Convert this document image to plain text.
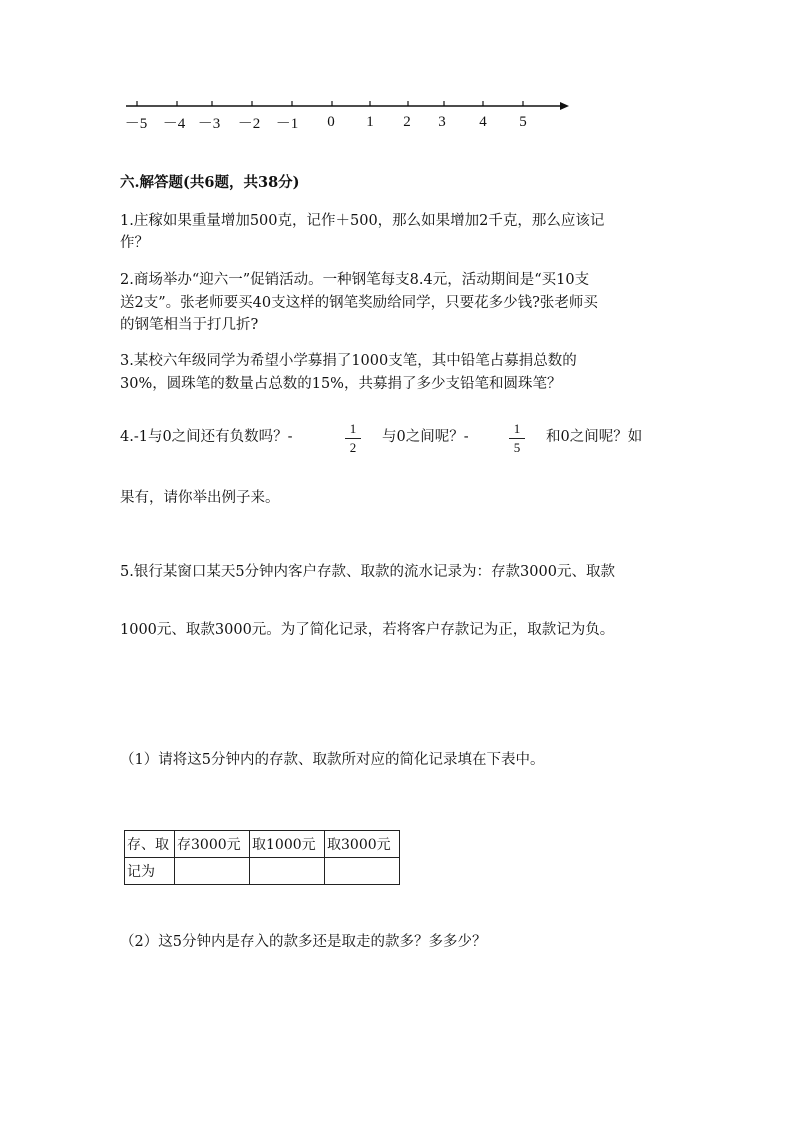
－5 －4 －3 －2 －1 0 1 2 3 4 5
六.解答题(共6题，共38分)
1.庄稼如果重量增加500克，记作＋500，那么如果增加2千克，那么应该记
作？
2.商场举办“迎六一”促销活动。一种钢笔每支8.4元，活动期间是“买10支
送2支”。张老师要买40支这样的钢笔奖励给同学，只要花多少钱?张老师买
的钢笔相当于打几折?
3.某校六年级同学为希望小学募捐了1000支笔，其中铅笔占募捐总数的
30%，圆珠笔的数量占总数的15%，共募捐了多少支铅笔和圆珠笔？
4.-1与0之间还有负数吗？-
1
2
与0之间呢？-
1
5
和0之间呢？如
果有，请你举出例子来。
5.银行某窗口某天5分钟内客户存款、取款的流水记录为：存款3000元、取款
1000元、取款3000元。为了简化记录，若将客户存款记为正，取款记为负。
（1）请将这5分钟内的存款、取款所对应的简化记录填在下表中。
存、取	存3000元	取1000元	取3000元
记为			
（2）这5分钟内是存入的款多还是取走的款多？多多少？
